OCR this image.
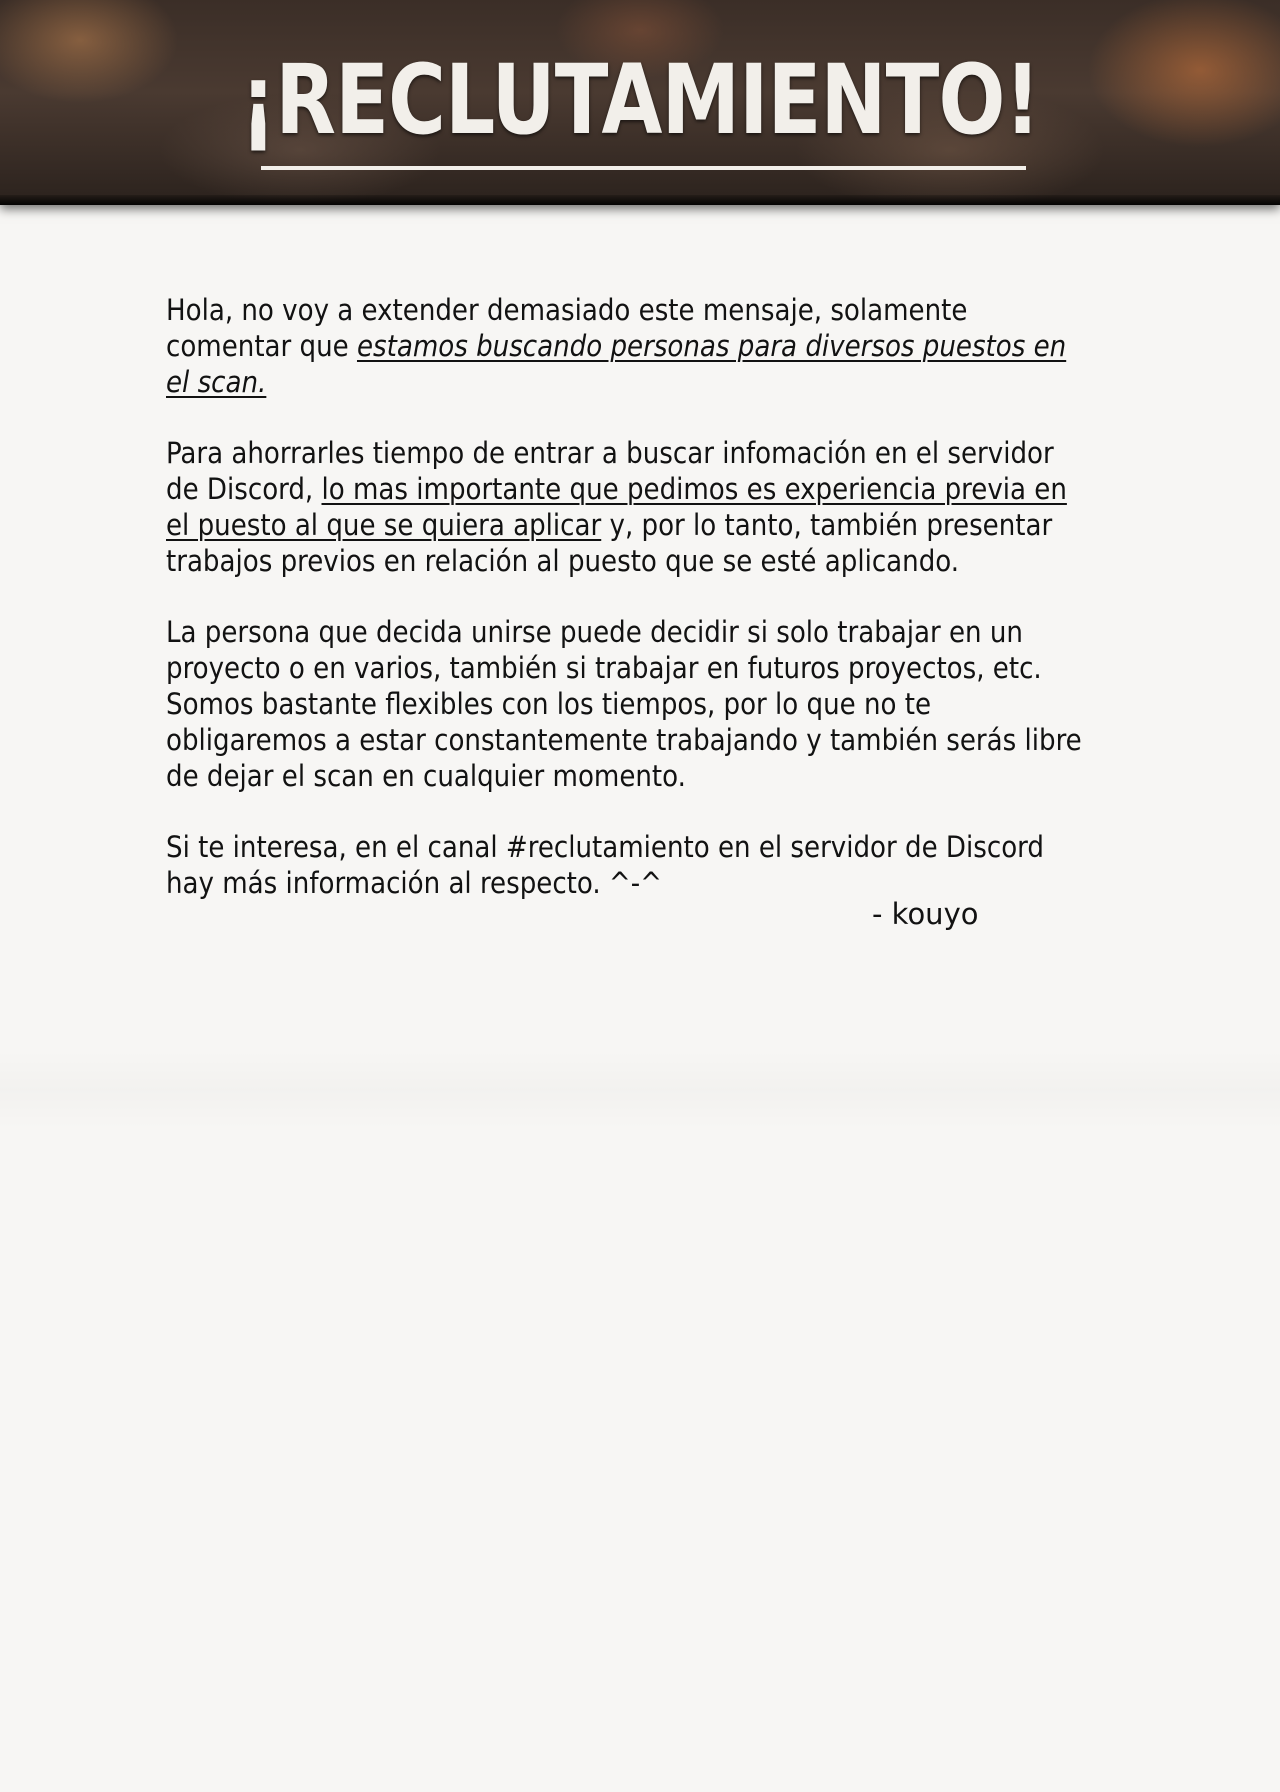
¡RECLUTAMIENTO!

Hola, no voy a extender demasiado este mensaje, solamente comentar que estamos buscando personas para diversos puestos en el scan.

Para ahorrarles tiempo de entrar a buscar infomación en el servidor de Discord, lo mas importante que pedimos es experiencia previa en el puesto al que se quiera aplicar y, por lo tanto, también presentar trabajos previos en relación al puesto que se esté aplicando.

La persona que decida unirse puede decidir si solo trabajar en un proyecto o en varios, también si trabajar en futuros proyectos, etc. Somos bastante flexibles con los tiempos, por lo que no te obligaremos a estar constantemente trabajando y también serás libre de dejar el scan en cualquier momento.

Si te interesa, en el canal #reclutamiento en el servidor de Discord hay más información al respecto. ^-^

- kouyo
